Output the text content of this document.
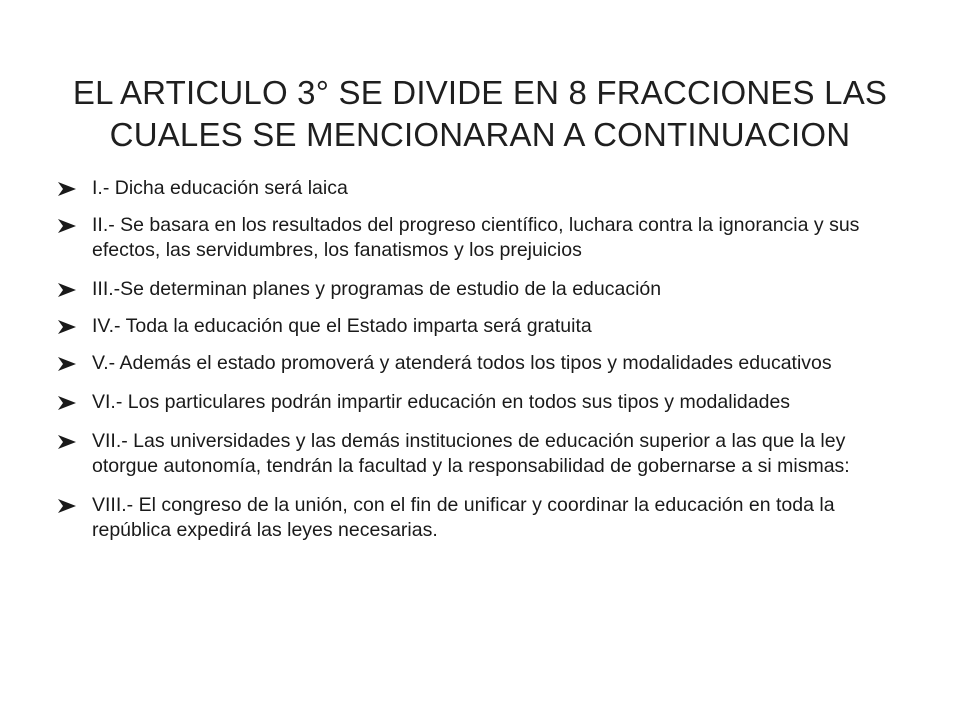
EL ARTICULO 3° SE DIVIDE EN 8 FRACCIONES LAS
CUALES SE MENCIONARAN A CONTINUACION
I.- Dicha educación será laica
II.- Se basara en los resultados del progreso científico, luchara contra la ignorancia y sus efectos, las servidumbres, los fanatismos y los prejuicios
III.-Se determinan planes y programas de estudio de la educación
IV.- Toda la educación que el Estado imparta será gratuita
V.- Además el estado promoverá y atenderá todos los tipos y modalidades educativos
VI.- Los particulares podrán impartir educación en todos sus tipos y modalidades
VII.- Las universidades y las demás instituciones de educación superior a las que la ley otorgue autonomía, tendrán la facultad y la responsabilidad de gobernarse a si mismas:
VIII.- El congreso de la unión, con el fin de unificar y coordinar la educación en toda la república expedirá las leyes necesarias.
